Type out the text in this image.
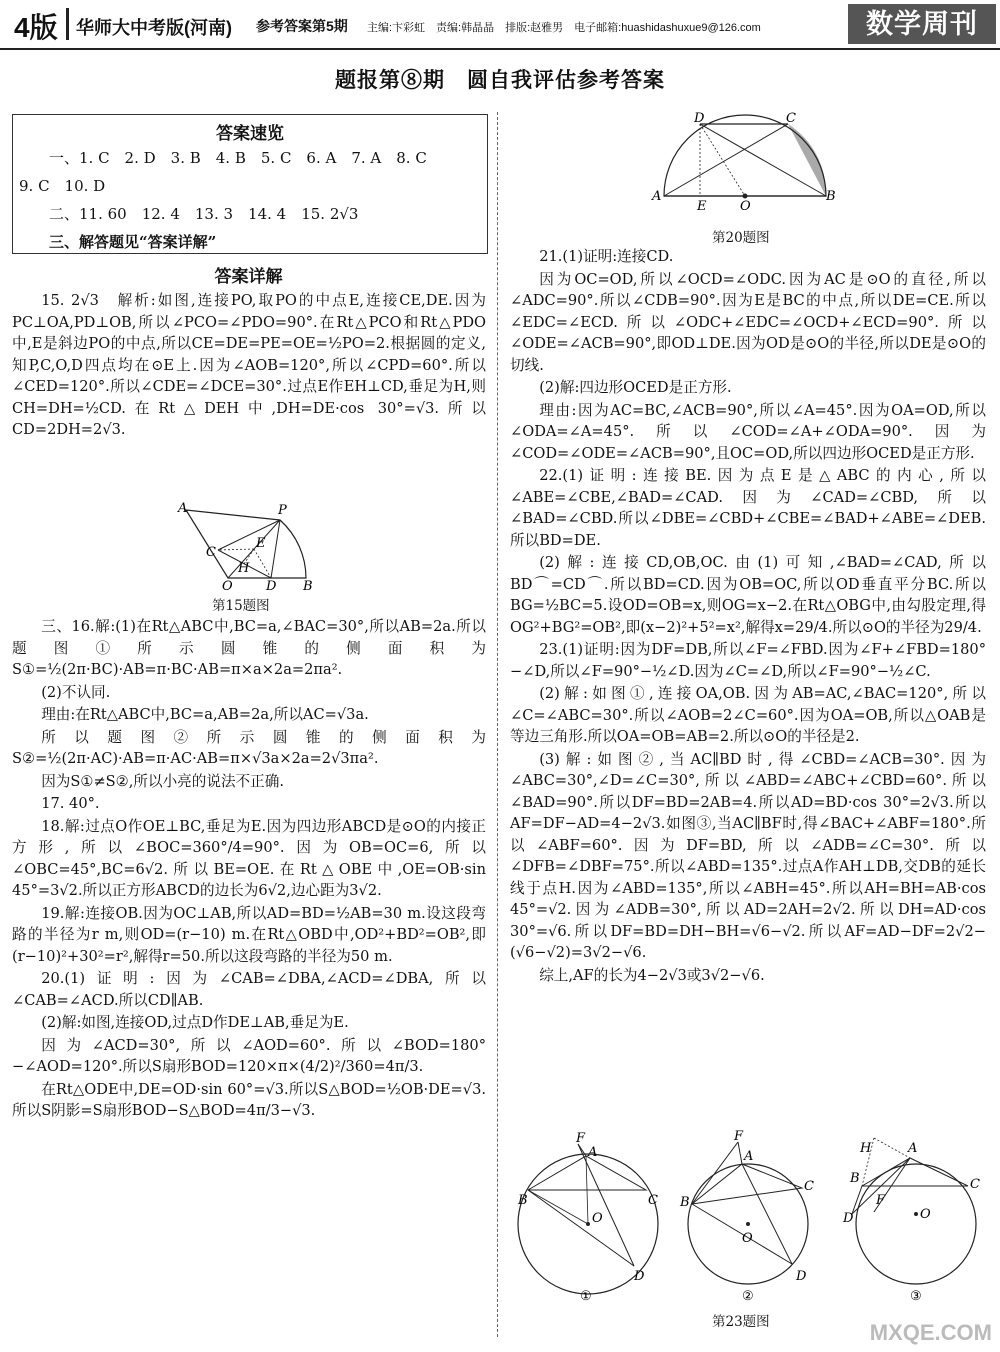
4版 华师大中考版(河南) 参考答案第5期 主编:卞彩虹　责编:韩晶晶　排版:赵雅男　电子邮箱:huashidashuxue9@126.com	数学周刊
题报第⑧期　圆自我评估参考答案
答案速览
一、1. C　2. D　3. B　4. B　5. C　6. A　7. A　8. C
9. C　10. D
二、11. 60　12. 4　13. 3　14. 4　15. 2√3
三、解答题见“答案详解”
答案详解

15. 2√3　解析:如图,连接PO,取PO的中点E,连接CE,DE.因为PC⊥OA,PD⊥OB,所以∠PCO=∠PDO=90°.在Rt△PCO和Rt△PDO中,E是斜边PO的中点,所以CE=DE=PE=OE=½PO=2.根据圆的定义,知P,C,O,D四点均在⊙E上.因为∠AOB=120°,所以∠CPD=60°.所以∠CED=120°.所以∠CDE=∠DCE=30°.过点E作EH⊥CD,垂足为H,则CH=DH=½CD.在Rt△DEH中,DH=DE·cos 30°=√3.所以CD=2DH=2√3.

A	P
C
E
H
O	D B
第15题图

三、16.解:(1)在Rt△ABC中,BC=a,∠BAC=30°,所以AB=2a.所以题图①所示圆锥的侧面积为S①=½(2π·BC)·AB=π·BC·AB=π×a×2a=2πa².

(2)不认同.

理由:在Rt△ABC中,BC=a,AB=2a,所以AC=√3a.

所以题图②所示圆锥的侧面积为S②=½(2π·AC)·AB=π·AC·AB=π×√3a×2a=2√3πa².

因为S①≠S②,所以小亮的说法不正确.

17. 40°.

18.解:过点O作OE⊥BC,垂足为E.因为四边形ABCD是⊙O的内接正方形,所以∠BOC=360°/4=90°.因为OB=OC=6,所以∠OBC=45°,BC=6√2.所以BE=OE.在Rt△OBE中,OE=OB·sin 45°=3√2.所以正方形ABCD的边长为6√2,边心距为3√2.

19.解:连接OB.因为OC⊥AB,所以AD=BD=½AB=30 m.设这段弯路的半径为r m,则OD=(r−10) m.在Rt△OBD中,OD²+BD²=OB²,即(r−10)²+30²=r²,解得r=50.所以这段弯路的半径为50 m.

20.(1)证明:因为∠CAB=∠DBA,∠ACD=∠DBA,所以∠CAB=∠ACD.所以CD∥AB.

(2)解:如图,连接OD,过点D作DE⊥AB,垂足为E.

因为∠ACD=30°,所以∠AOD=60°.所以∠BOD=180°−∠AOD=120°.所以S扇形BOD=120×π×(4/2)²/360=4π/3.

在Rt△ODE中,DE=OD·sin 60°=√3.所以S△BOD=½OB·DE=√3.所以S阴影=S扇形BOD−S△BOD=4π/3−√3.

D	C
A	B
E	O
第20题图

21.(1)证明:连接CD.

因为OC=OD,所以∠OCD=∠ODC.因为AC是⊙O的直径,所以∠ADC=90°.所以∠CDB=90°.因为E是BC的中点,所以DE=CE.所以∠EDC=∠ECD.所以∠ODC+∠EDC=∠OCD+∠ECD=90°.所以∠ODE=∠ACB=90°,即OD⊥DE.因为OD是⊙O的半径,所以DE是⊙O的切线.

(2)解:四边形OCED是正方形.

理由:因为AC=BC,∠ACB=90°,所以∠A=45°.因为OA=OD,所以∠ODA=∠A=45°.所以∠COD=∠A+∠ODA=90°.因为∠COD=∠ODE=∠ACB=90°,且OC=OD,所以四边形OCED是正方形.

22.(1)证明:连接BE.因为点E是△ABC的内心,所以∠ABE=∠CBE,∠BAD=∠CAD.因为∠CAD=∠CBD,所以∠BAD=∠CBD.所以∠DBE=∠CBD+∠CBE=∠BAD+∠ABE=∠DEB.所以BD=DE.

(2)解:连接CD,OB,OC.由(1)可知,∠BAD=∠CAD,所以BD⌒=CD⌒.所以BD=CD.因为OB=OC,所以OD垂直平分BC.所以BG=½BC=5.设OD=OB=x,则OG=x−2.在Rt△OBG中,由勾股定理,得OG²+BG²=OB²,即(x−2)²+5²=x²,解得x=29/4.所以⊙O的半径为29/4.

23.(1)证明:因为DF=DB,所以∠F=∠FBD.因为∠F+∠FBD=180°−∠D,所以∠F=90°−½∠D.因为∠C=∠D,所以∠F=90°−½∠C.

(2)解:如图①,连接OA,OB.因为AB=AC,∠BAC=120°,所以∠C=∠ABC=30°.所以∠AOB=2∠C=60°.因为OA=OB,所以△OAB是等边三角形.所以OA=OB=AB=2.所以⊙O的半径是2.

(3)解:如图②,当AC∥BD时,得∠CBD=∠ACB=30°.因为∠ABC=30°,∠D=∠C=30°,所以∠ABD=∠ABC+∠CBD=60°.所以∠BAD=90°.所以DF=BD=2AB=4.所以AD=BD·cos 30°=2√3.所以AF=DF−AD=4−2√3.如图③,当AC∥BF时,得∠BAC+∠ABF=180°.所以∠ABF=60°.因为DF=BD,所以∠ADB=∠C=30°.所以∠DFB=∠DBF=75°.所以∠ABD=135°.过点A作AH⊥DB,交DB的延长线于点H.因为∠ABD=135°,所以∠ABH=45°.所以AH=BH=AB·cos 45°=√2.因为∠ADB=30°,所以AD=2AH=2√2.所以DH=AD·cos 30°=√6.所以DF=BD=DH−BH=√6−√2.所以AF=AD−DF=2√2−(√6−√2)=3√2−√6.

综上,AF的长为4−2√3或3√2−√6.

F
A
B	C
O
D
F
A
B
C
O
D
H	A
B	C
F
D	O
①	②	③
第23题图	MXQE.COM
